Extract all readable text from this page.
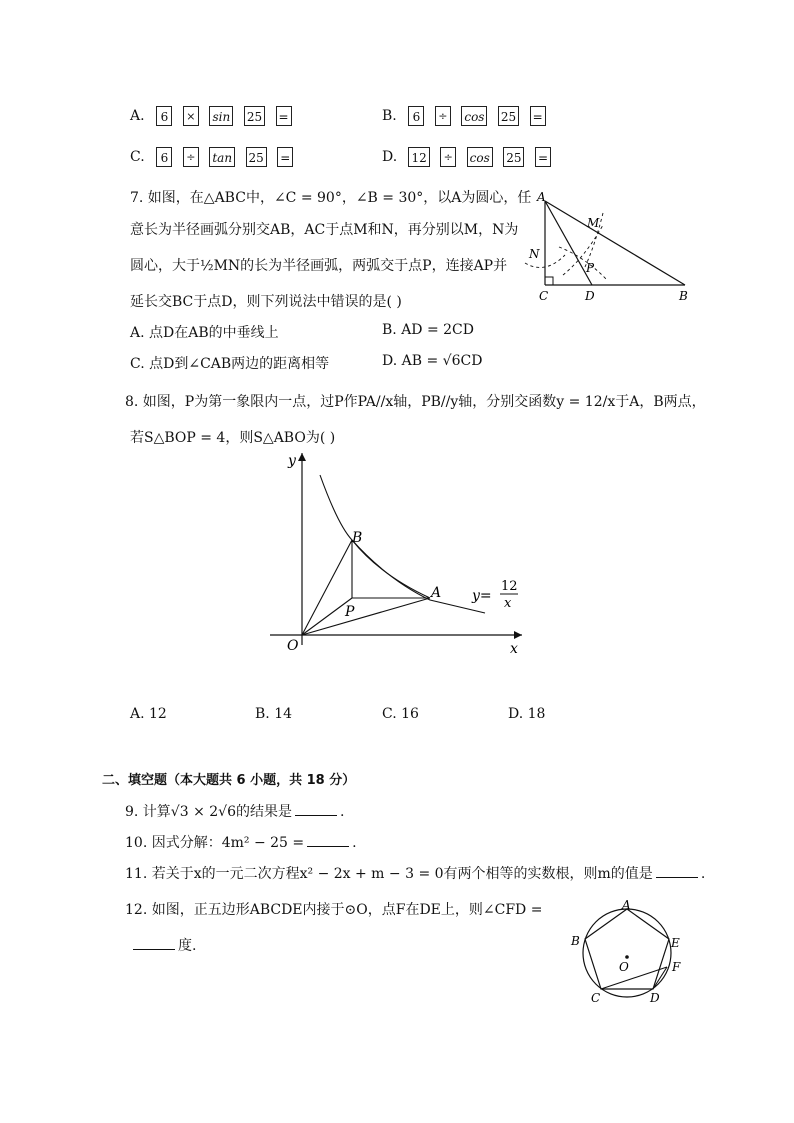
A. 6 × sin 25 =	B. 6 ÷ cos 25 =
C. 6 ÷ tan 25 =	D. 12 ÷ cos 25 =
7. 如图，在△ABC中，∠C = 90°，∠B = 30°，以A为圆心，任
意长为半径画弧分别交AB，AC于点M和N，再分别以M，N为
圆心，大于½MN的长为半径画弧，两弧交于点P，连接AP并
延长交BC于点D，则下列说法中错误的是( )
A. 点D在AB的中垂线上	B. AD = 2CD
C. 点D到∠CAB两边的距离相等	D. AB = √6CD
A
M
N
P
C	D	B
8. 如图，P为第一象限内一点，过P作PA//x轴，PB//y轴，分别交函数y = 12/x于A，B两点，
若S△BOP = 4，则S△ABO为( )
y
x
O
B
A
P
y=
12
x
A. 12	B. 14	C. 16	D. 18
二、填空题（本大题共 6 小题，共 18 分）
9. 计算√3 × 2√6的结果是	.
10. 因式分解：4m² − 25 =	.
11. 若关于x的一元二次方程x² − 2x + m − 3 = 0有两个相等的实数根，则m的值是	.
12. 如图，正五边形ABCDE内接于⊙O，点F在DE上，则∠CFD =
度.
A
B
C	D
E
F
O
